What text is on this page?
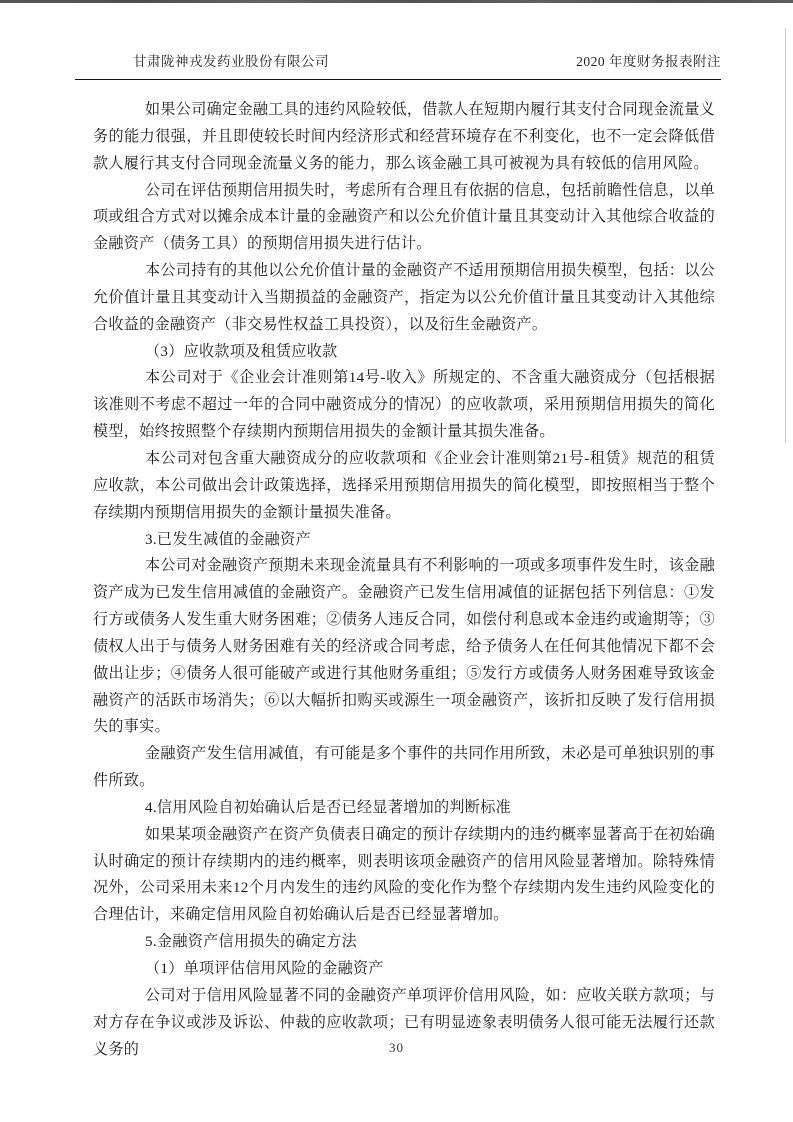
甘肃陇神戎发药业股份有限公司	2020 年度财务报表附注

如果公司确定金融工具的违约风险较低，借款人在短期内履行其支付合同现金流量义务的能力很强，并且即使较长时间内经济形式和经营环境存在不利变化，也不一定会降低借款人履行其支付合同现金流量义务的能力，那么该金融工具可被视为具有较低的信用风险。

公司在评估预期信用损失时，考虑所有合理且有依据的信息，包括前瞻性信息，以单项或组合方式对以摊余成本计量的金融资产和以公允价值计量且其变动计入其他综合收益的金融资产（债务工具）的预期信用损失进行估计。

本公司持有的其他以公允价值计量的金融资产不适用预期信用损失模型，包括：以公允价值计量且其变动计入当期损益的金融资产，指定为以公允价值计量且其变动计入其他综合收益的金融资产（非交易性权益工具投资），以及衍生金融资产。

（3）应收款项及租赁应收款

本公司对于《企业会计准则第14号-收入》所规定的、不含重大融资成分（包括根据该准则不考虑不超过一年的合同中融资成分的情况）的应收款项，采用预期信用损失的简化模型，始终按照整个存续期内预期信用损失的金额计量其损失准备。

本公司对包含重大融资成分的应收款项和《企业会计准则第21号-租赁》规范的租赁应收款，本公司做出会计政策选择，选择采用预期信用损失的简化模型，即按照相当于整个存续期内预期信用损失的金额计量损失准备。

3.已发生减值的金融资产

本公司对金融资产预期未来现金流量具有不利影响的一项或多项事件发生时，该金融资产成为已发生信用减值的金融资产。金融资产已发生信用减值的证据包括下列信息：①发行方或债务人发生重大财务困难；②债务人违反合同，如偿付利息或本金违约或逾期等；③债权人出于与债务人财务困难有关的经济或合同考虑，给予债务人在任何其他情况下都不会做出让步；④债务人很可能破产或进行其他财务重组；⑤发行方或债务人财务困难导致该金融资产的活跃市场消失；⑥以大幅折扣购买或源生一项金融资产，该折扣反映了发行信用损失的事实。

金融资产发生信用减值，有可能是多个事件的共同作用所致，未必是可单独识别的事件所致。

4.信用风险自初始确认后是否已经显著增加的判断标准

如果某项金融资产在资产负债表日确定的预计存续期内的违约概率显著高于在初始确认时确定的预计存续期内的违约概率，则表明该项金融资产的信用风险显著增加。除特殊情况外，公司采用未来12个月内发生的违约风险的变化作为整个存续期内发生违约风险变化的合理估计，来确定信用风险自初始确认后是否已经显著增加。

5.金融资产信用损失的确定方法

（1）单项评估信用风险的金融资产

公司对于信用风险显著不同的金融资产单项评价信用风险，如：应收关联方款项；与对方存在争议或涉及诉讼、仲裁的应收款项；已有明显迹象表明债务人很可能无法履行还款义务的	30
